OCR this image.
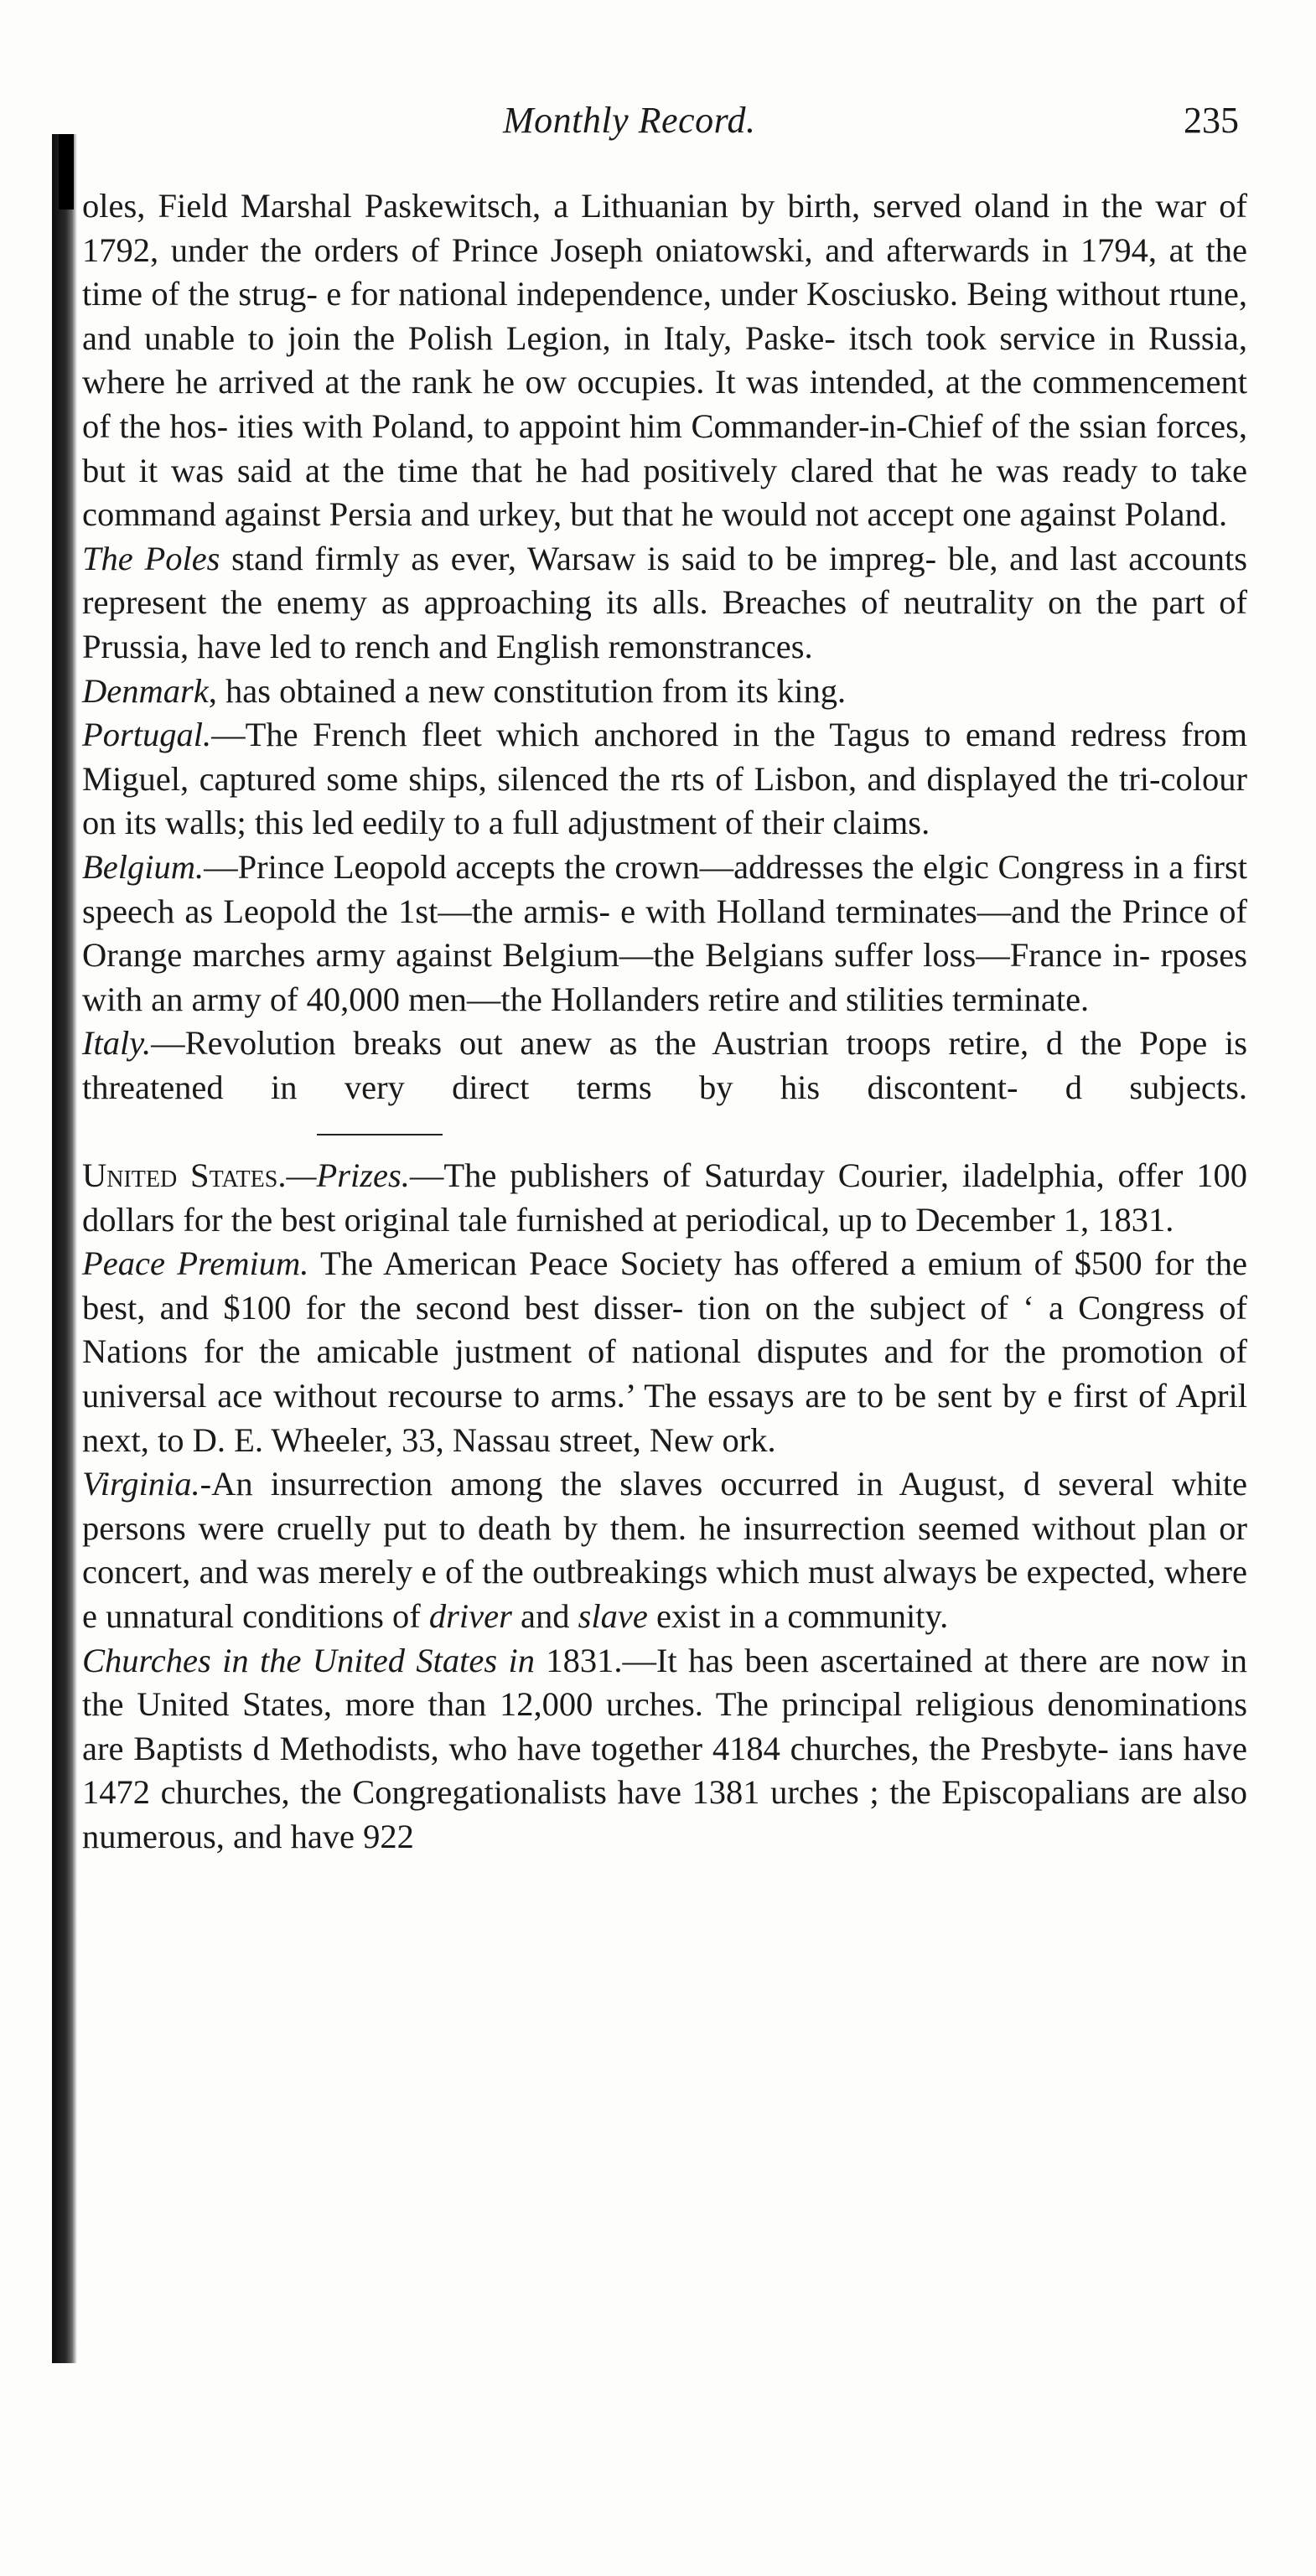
Monthly Record.	235

oles, Field Marshal Paskewitsch, a Lithuanian by birth, served oland in the war of 1792, under the orders of Prince Joseph oniatowski, and afterwards in 1794, at the time of the strug- e for national independence, under Kosciusko. Being without rtune, and unable to join the Polish Legion, in Italy, Paske- itsch took service in Russia, where he arrived at the rank he ow occupies. It was intended, at the commencement of the hos- ities with Poland, to appoint him Commander-in-Chief of the ssian forces, but it was said at the time that he had positively clared that he was ready to take command against Persia and urkey, but that he would not accept one against Poland.

The Poles stand firmly as ever, Warsaw is said to be impreg- ble, and last accounts represent the enemy as approaching its alls. Breaches of neutrality on the part of Prussia, have led to rench and English remonstrances.

Denmark, has obtained a new constitution from its king.

Portugal.—The French fleet which anchored in the Tagus to emand redress from Miguel, captured some ships, silenced the rts of Lisbon, and displayed the tri-colour on its walls; this led eedily to a full adjustment of their claims.

Belgium.—Prince Leopold accepts the crown—addresses the elgic Congress in a first speech as Leopold the 1st—the armis- e with Holland terminates—and the Prince of Orange marches army against Belgium—the Belgians suffer loss—France in- rposes with an army of 40,000 men—the Hollanders retire and stilities terminate.

Italy.—Revolution breaks out anew as the Austrian troops retire, d the Pope is threatened in very direct terms by his discontent- d subjects.

United States.—Prizes.—The publishers of Saturday Courier, iladelphia, offer 100 dollars for the best original tale furnished at periodical, up to December 1, 1831.

Peace Premium. The American Peace Society has offered a emium of $500 for the best, and $100 for the second best disser- tion on the subject of ‘ a Congress of Nations for the amicable justment of national disputes and for the promotion of universal ace without recourse to arms.’ The essays are to be sent by e first of April next, to D. E. Wheeler, 33, Nassau street, New ork.

Virginia.-An insurrection among the slaves occurred in August, d several white persons were cruelly put to death by them. he insurrection seemed without plan or concert, and was merely e of the outbreakings which must always be expected, where e unnatural conditions of driver and slave exist in a community.

Churches in the United States in 1831.—It has been ascertained at there are now in the United States, more than 12,000 urches. The principal religious denominations are Baptists d Methodists, who have together 4184 churches, the Presbyte- ians have 1472 churches, the Congregationalists have 1381 urches ; the Episcopalians are also numerous, and have 922
